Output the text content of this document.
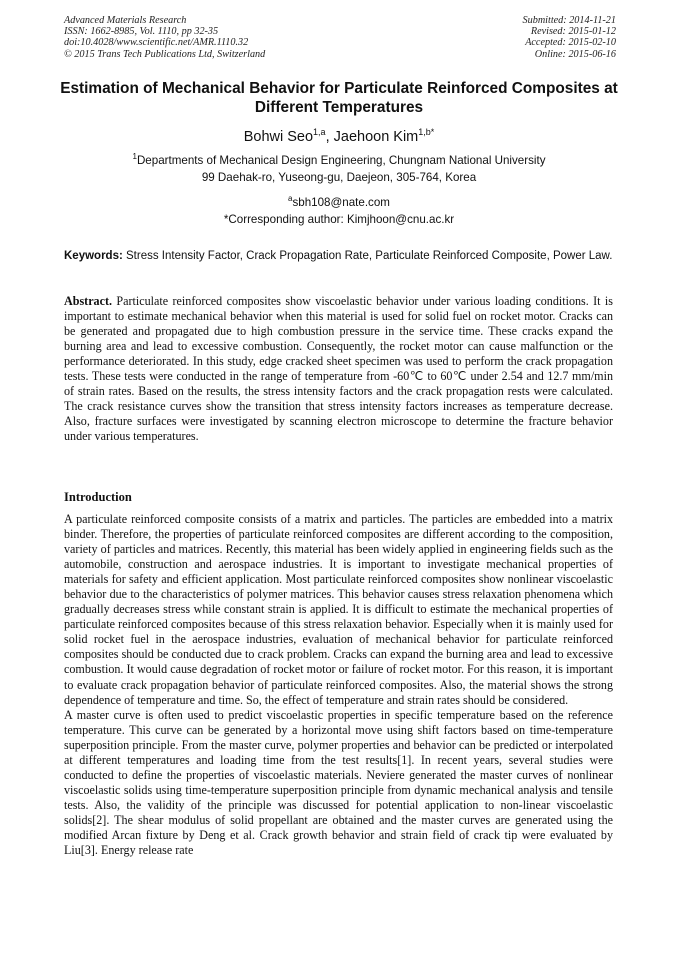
Advanced Materials Research
ISSN: 1662-8985, Vol. 1110, pp 32-35
doi:10.4028/www.scientific.net/AMR.1110.32
© 2015 Trans Tech Publications Ltd, Switzerland
Submitted: 2014-11-21
Revised: 2015-01-12
Accepted: 2015-02-10
Online: 2015-06-16
Estimation of Mechanical Behavior for Particulate Reinforced Composites at Different Temperatures
Bohwi Seo$^{1,a}$, Jaehoon Kim$^{1,b*}$
$^1$Departments of Mechanical Design Engineering, Chungnam National University
99 Daehak-ro, Yuseong-gu, Daejeon, 305-764, Korea
$^a$sbh108@nate.com
*Corresponding author: Kimjhoon@cnu.ac.kr
Keywords: Stress Intensity Factor, Crack Propagation Rate, Particulate Reinforced Composite, Power Law.
Abstract. Particulate reinforced composites show viscoelastic behavior under various loading conditions. It is important to estimate mechanical behavior when this material is used for solid fuel on rocket motor. Cracks can be generated and propagated due to high combustion pressure in the service time. These cracks expand the burning area and lead to excessive combustion. Consequently, the rocket motor can cause malfunction or the performance deteriorated. In this study, edge cracked sheet specimen was used to perform the crack propagation tests. These tests were conducted in the range of temperature from -60℃ to 60℃ under 2.54 and 12.7 mm/min of strain rates. Based on the results, the stress intensity factors and the crack propagation rests were calculated. The crack resistance curves show the transition that stress intensity factors increases as temperature decrease. Also, fracture surfaces were investigated by scanning electron microscope to determine the fracture behavior under various temperatures.
Introduction

A particulate reinforced composite consists of a matrix and particles. The particles are embedded into a matrix binder. Therefore, the properties of particulate reinforced composites are different according to the composition, variety of particles and matrices. Recently, this material has been widely applied in engineering fields such as the automobile, construction and aerospace industries. It is important to investigate mechanical properties of materials for safety and efficient application. Most particulate reinforced composites show nonlinear viscoelastic behavior due to the characteristics of polymer matrices. This behavior causes stress relaxation phenomena which gradually decreases stress while constant strain is applied. It is difficult to estimate the mechanical properties of particulate reinforced composites because of this stress relaxation behavior. Especially when it is mainly used for solid rocket fuel in the aerospace industries, evaluation of mechanical behavior for particulate reinforced composites should be conducted due to crack problem. Cracks can expand the burning area and lead to excessive combustion. It would cause degradation of rocket motor or failure of rocket motor. For this reason, it is important to evaluate crack propagation behavior of particulate reinforced composites. Also, the material shows the strong dependence of temperature and time. So, the effect of temperature and strain rates should be considered.

A master curve is often used to predict viscoelastic properties in specific temperature based on the reference temperature. This curve can be generated by a horizontal move using shift factors based on time-temperature superposition principle. From the master curve, polymer properties and behavior can be predicted or interpolated at different temperatures and loading time from the test results[1]. In recent years, several studies were conducted to define the properties of viscoelastic materials. Neviere generated the master curves of nonlinear viscoelastic solids using time-temperature superposition principle from dynamic mechanical analysis and tensile tests. Also, the validity of the principle was discussed for potential application to non-linear viscoelastic solids[2]. The shear modulus of solid propellant are obtained and the master curves are generated using the modified Arcan fixture by Deng et al. Crack growth behavior and strain field of crack tip were evaluated by Liu[3]. Energy release rate
